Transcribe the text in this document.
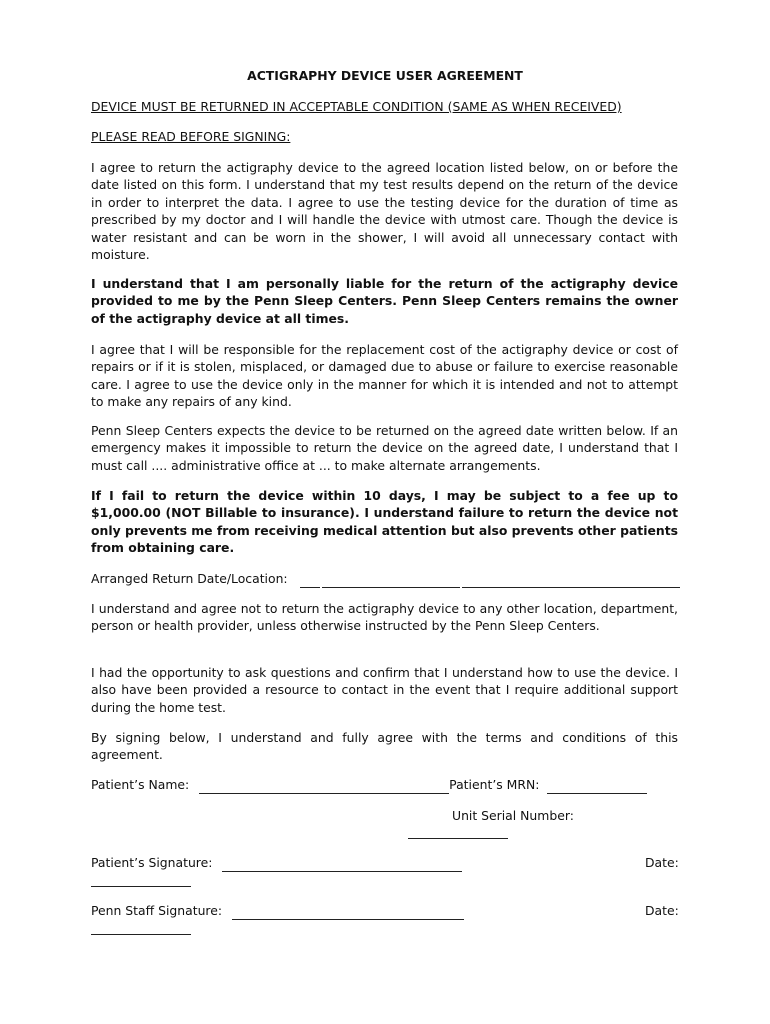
ACTIGRAPHY DEVICE USER AGREEMENT
DEVICE MUST BE RETURNED IN ACCEPTABLE CONDITION (SAME AS WHEN RECEIVED)
PLEASE READ BEFORE SIGNING:

I agree to return the actigraphy device to the agreed location listed below, on or before the date listed on this form. I understand that my test results depend on the return of the device in order to interpret the data. I agree to use the testing device for the duration of time as prescribed by my doctor and I will handle the device with utmost care. Though the device is water resistant and can be worn in the shower, I will avoid all unnecessary contact with moisture.

I understand that I am personally liable for the return of the actigraphy device provided to me by the Penn Sleep Centers. Penn Sleep Centers remains the owner of the actigraphy device at all times.

I agree that I will be responsible for the replacement cost of the actigraphy device or cost of repairs or if it is stolen, misplaced, or damaged due to abuse or failure to exercise reasonable care. I agree to use the device only in the manner for which it is intended and not to attempt to make any repairs of any kind.

Penn Sleep Centers expects the device to be returned on the agreed date written below. If an emergency makes it impossible to return the device on the agreed date, I understand that I must call .... administrative office at ... to make alternate arrangements.

If I fail to return the device within 10 days, I may be subject to a fee up to $1,000.00 (NOT Billable to insurance). I understand failure to return the device not only prevents me from receiving medical attention but also prevents other patients from obtaining care.

Arranged Return Date/Location:

I understand and agree not to return the actigraphy device to any other location, department, person or health provider, unless otherwise instructed by the Penn Sleep Centers.

I had the opportunity to ask questions and confirm that I understand how to use the device. I also have been provided a resource to contact in the event that I require additional support during the home test.

By signing below, I understand and fully agree with the terms and conditions of this agreement.

Patient’s Name:	Patient’s MRN:
Unit Serial Number:
Patient’s Signature:	Date:
Penn Staff Signature:	Date:
